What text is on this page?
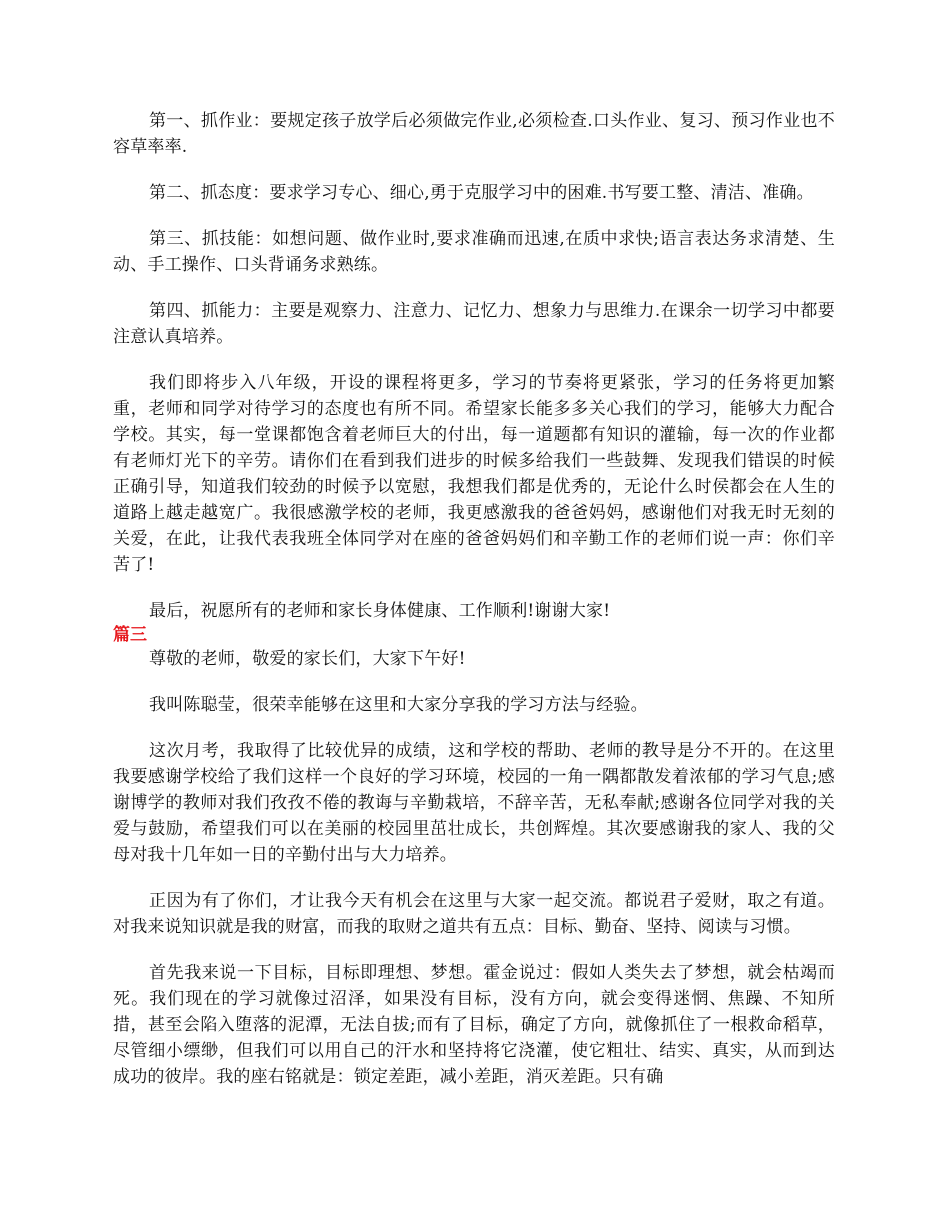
第一、抓作业：要规定孩子放学后必须做完作业,必须检查.口头作业、复习、预习作业也不容草率率.

第二、抓态度：要求学习专心、细心,勇于克服学习中的困难.书写要工整、清洁、准确。

第三、抓技能：如想问题、做作业时,要求准确而迅速,在质中求快;语言表达务求清楚、生动、手工操作、口头背诵务求熟练。

第四、抓能力：主要是观察力、注意力、记忆力、想象力与思维力.在课余一切学习中都要注意认真培养。

我们即将步入八年级，开设的课程将更多，学习的节奏将更紧张，学习的任务将更加繁重，老师和同学对待学习的态度也有所不同。希望家长能多多关心我们的学习，能够大力配合学校。其实，每一堂课都饱含着老师巨大的付出，每一道题都有知识的灌输，每一次的作业都有老师灯光下的辛劳。请你们在看到我们进步的时候多给我们一些鼓舞、发现我们错误的时候正确引导，知道我们较劲的时候予以宽慰，我想我们都是优秀的，无论什么时侯都会在人生的道路上越走越宽广。我很感激学校的老师，我更感激我的爸爸妈妈，感谢他们对我无时无刻的关爱，在此，让我代表我班全体同学对在座的爸爸妈妈们和辛勤工作的老师们说一声：你们辛苦了!

最后，祝愿所有的老师和家长身体健康、工作顺利!谢谢大家!

篇三

尊敬的老师，敬爱的家长们，大家下午好!

我叫陈聪莹，很荣幸能够在这里和大家分享我的学习方法与经验。

这次月考，我取得了比较优异的成绩，这和学校的帮助、老师的教导是分不开的。在这里我要感谢学校给了我们这样一个良好的学习环境，校园的一角一隅都散发着浓郁的学习气息;感谢博学的教师对我们孜孜不倦的教诲与辛勤栽培，不辞辛苦，无私奉献;感谢各位同学对我的关爱与鼓励，希望我们可以在美丽的校园里茁壮成长，共创辉煌。其次要感谢我的家人、我的父母对我十几年如一日的辛勤付出与大力培养。

正因为有了你们，才让我今天有机会在这里与大家一起交流。都说君子爱财，取之有道。对我来说知识就是我的财富，而我的取财之道共有五点：目标、勤奋、坚持、阅读与习惯。

首先我来说一下目标，目标即理想、梦想。霍金说过：假如人类失去了梦想，就会枯竭而死。我们现在的学习就像过沼泽，如果没有目标，没有方向，就会变得迷惘、焦躁、不知所措，甚至会陷入堕落的泥潭，无法自拔;而有了目标，确定了方向，就像抓住了一根救命稻草，尽管细小缥缈，但我们可以用自己的汗水和坚持将它浇灌，使它粗壮、结实、真实，从而到达成功的彼岸。我的座右铭就是：锁定差距，减小差距，消灭差距。只有确
